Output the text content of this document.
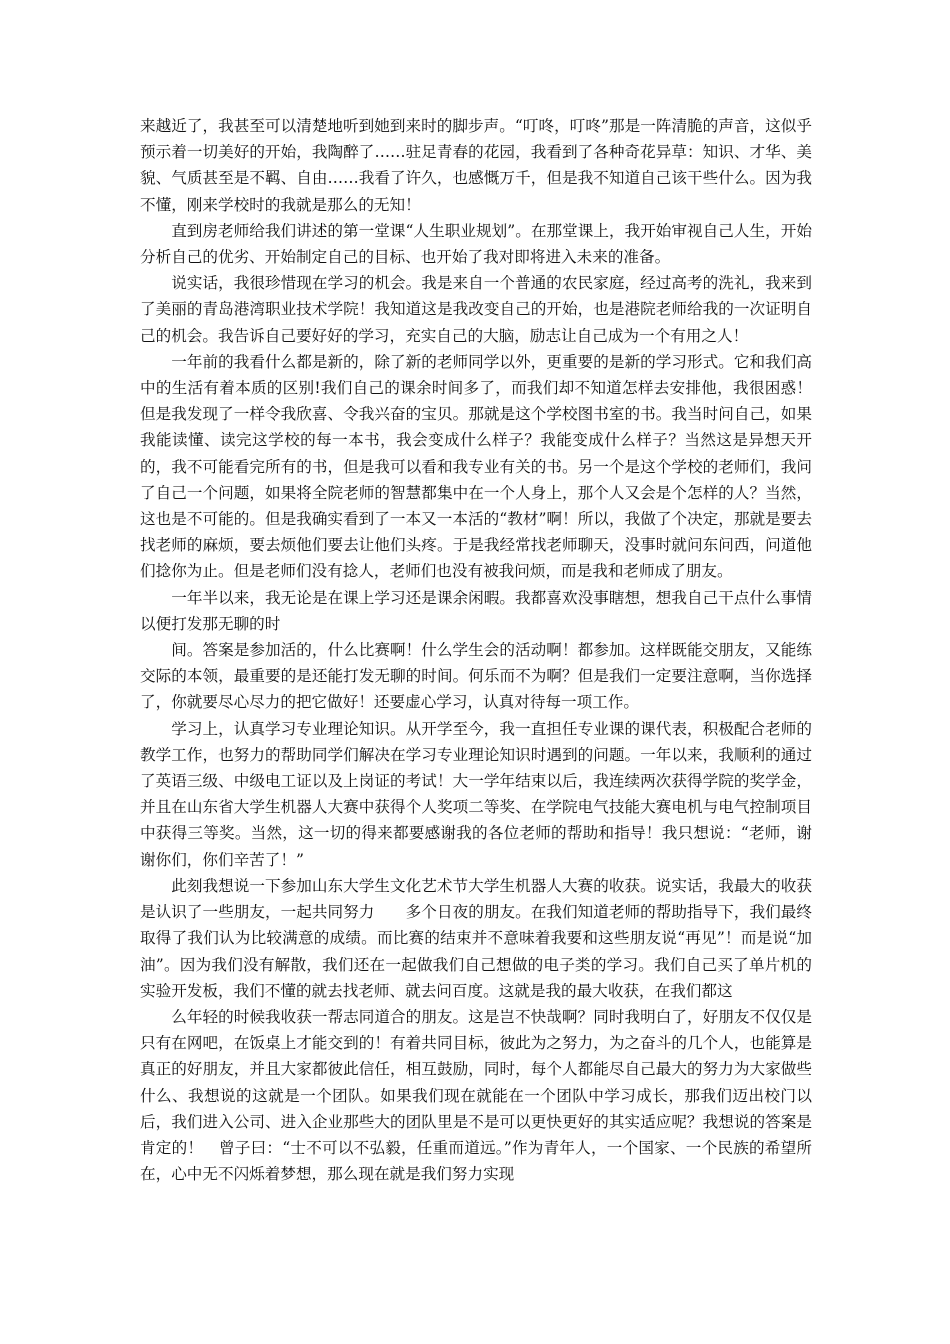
来越近了，我甚至可以清楚地听到她到来时的脚步声。“叮咚，叮咚”那是一阵清脆的声音，这似乎预示着一切美好的开始，我陶醉了……驻足青春的花园，我看到了各种奇花异草：知识、才华、美貌、气质甚至是不羁、自由……我看了许久，也感慨万千，但是我不知道自己该干些什么。因为我不懂，刚来学校时的我就是那么的无知！

直到房老师给我们讲述的第一堂课“人生职业规划”。在那堂课上，我开始审视自己人生，开始分析自己的优劣、开始制定自己的目标、也开始了我对即将进入未来的准备。

说实话，我很珍惜现在学习的机会。我是来自一个普通的农民家庭，经过高考的洗礼，我来到了美丽的青岛港湾职业技术学院！我知道这是我改变自己的开始，也是港院老师给我的一次证明自己的机会。我告诉自己要好好的学习，充实自己的大脑，励志让自己成为一个有用之人！

一年前的我看什么都是新的，除了新的老师同学以外，更重要的是新的学习形式。它和我们高中的生活有着本质的区别!我们自己的课余时间多了，而我们却不知道怎样去安排他，我很困惑！但是我发现了一样令我欣喜、令我兴奋的宝贝。那就是这个学校图书室的书。我当时问自己，如果我能读懂、读完这学校的每一本书，我会变成什么样子？我能变成什么样子？当然这是异想天开的，我不可能看完所有的书，但是我可以看和我专业有关的书。另一个是这个学校的老师们，我问了自己一个问题，如果将全院老师的智慧都集中在一个人身上，那个人又会是个怎样的人？当然，这也是不可能的。但是我确实看到了一本又一本活的“教材”啊！所以，我做了个决定，那就是要去找老师的麻烦，要去烦他们要去让他们头疼。于是我经常找老师聊天，没事时就问东问西，问道他们捻你为止。但是老师们没有捻人，老师们也没有被我问烦，而是我和老师成了朋友。

一年半以来，我无论是在课上学习还是课余闲暇。我都喜欢没事瞎想，想我自己干点什么事情以便打发那无聊的时

间。答案是参加活的，什么比赛啊！什么学生会的活动啊！都参加。这样既能交朋友，又能练交际的本领，最重要的是还能打发无聊的时间。何乐而不为啊？但是我们一定要注意啊，当你选择了，你就要尽心尽力的把它做好！还要虚心学习，认真对待每一项工作。

学习上，认真学习专业理论知识。从开学至今，我一直担任专业课的课代表，积极配合老师的教学工作，也努力的帮助同学们解决在学习专业理论知识时遇到的问题。一年以来，我顺利的通过了英语三级、中级电工证以及上岗证的考试！大一学年结束以后，我连续两次获得学院的奖学金，并且在山东省大学生机器人大赛中获得个人奖项二等奖、在学院电气技能大赛电机与电气控制项目中获得三等奖。当然，这一切的得来都要感谢我的各位老师的帮助和指导！我只想说：“老师，谢谢你们，你们辛苦了！”

此刻我想说一下参加山东大学生文化艺术节大学生机器人大赛的收获。说实话，我最大的收获是认识了一些朋友，一起共同努力　　多个日夜的朋友。在我们知道老师的帮助指导下，我们最终取得了我们认为比较满意的成绩。而比赛的结束并不意味着我要和这些朋友说“再见”！而是说“加油”。因为我们没有解散，我们还在一起做我们自己想做的电子类的学习。我们自己买了单片机的实验开发板，我们不懂的就去找老师、就去问百度。这就是我的最大收获，在我们都这

么年轻的时候我收获一帮志同道合的朋友。这是岂不快哉啊？同时我明白了，好朋友不仅仅是只有在网吧，在饭桌上才能交到的！有着共同目标，彼此为之努力，为之奋斗的几个人，也能算是真正的好朋友，并且大家都彼此信任，相互鼓励，同时，每个人都能尽自己最大的努力为大家做些什么、我想说的这就是一个团队。如果我们现在就能在一个团队中学习成长，那我们迈出校门以后，我们进入公司、进入企业那些大的团队里是不是可以更快更好的其实适应呢？我想说的答案是肯定的！　曾子曰：“士不可以不弘毅，任重而道远。”作为青年人，一个国家、一个民族的希望所在，心中无不闪烁着梦想，那么现在就是我们努力实现
